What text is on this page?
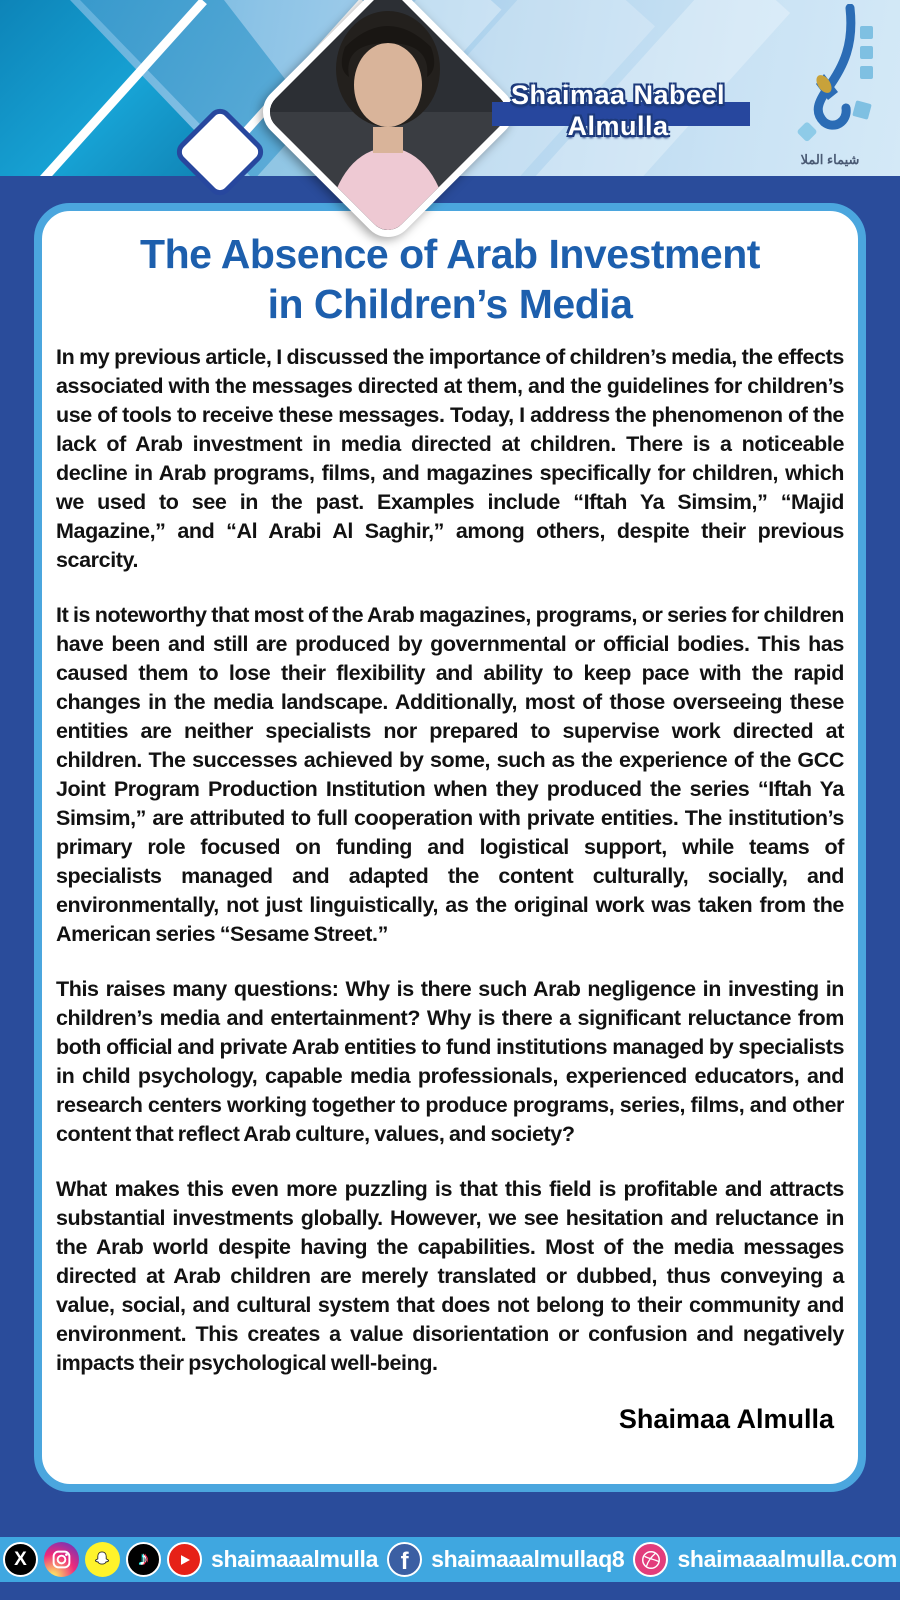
Shaimaa Nabeel Almulla
شيماء الملا
The Absence of Arab Investment
in Children’s Media

In my previous article, I discussed the importance of children’s media, the effects associated with the messages directed at them, and the guidelines for children’s use of tools to receive these messages. Today, I address the phenomenon of the lack of Arab investment in media directed at children. There is a noticeable decline in Arab programs, films, and magazines specifically for children, which we used to see in the past. Examples include “Iftah Ya Simsim,” “Majid Magazine,” and “Al Arabi Al Saghir,” among others, despite their previous scarcity.

It is noteworthy that most of the Arab magazines, programs, or series for children have been and still are produced by governmental or official bodies. This has caused them to lose their flexibility and ability to keep pace with the rapid changes in the media landscape. Additionally, most of those overseeing these entities are neither specialists nor prepared to supervise work directed at children. The successes achieved by some, such as the experience of the GCC Joint Program Production Institution when they produced the series “Iftah Ya Simsim,” are attributed to full cooperation with private entities. The institution’s primary role focused on funding and logistical support, while teams of specialists managed and adapted the content culturally, socially, and environmentally, not just linguistically, as the original work was taken from the American series “Sesame Street.”

This raises many questions: Why is there such Arab negligence in investing in children’s media and entertainment? Why is there a significant reluctance from both official and private Arab entities to fund institutions managed by specialists in child psychology, capable media professionals, experienced educators, and research centers working together to produce programs, series, films, and other content that reflect Arab culture, values, and society?

What makes this even more puzzling is that this field is profitable and attracts substantial investments globally. However, we see hesitation and reluctance in the Arab world despite having the capabilities. Most of the media messages directed at Arab children are merely translated or dubbed, thus conveying a value, social, and cultural system that does not belong to their community and environment. This creates a value disorientation or confusion and negatively impacts their psychological well-being.

Shaimaa Almulla
X	♪	shaimaaalmulla f shaimaaalmullaq8 shaimaaalmulla.com
